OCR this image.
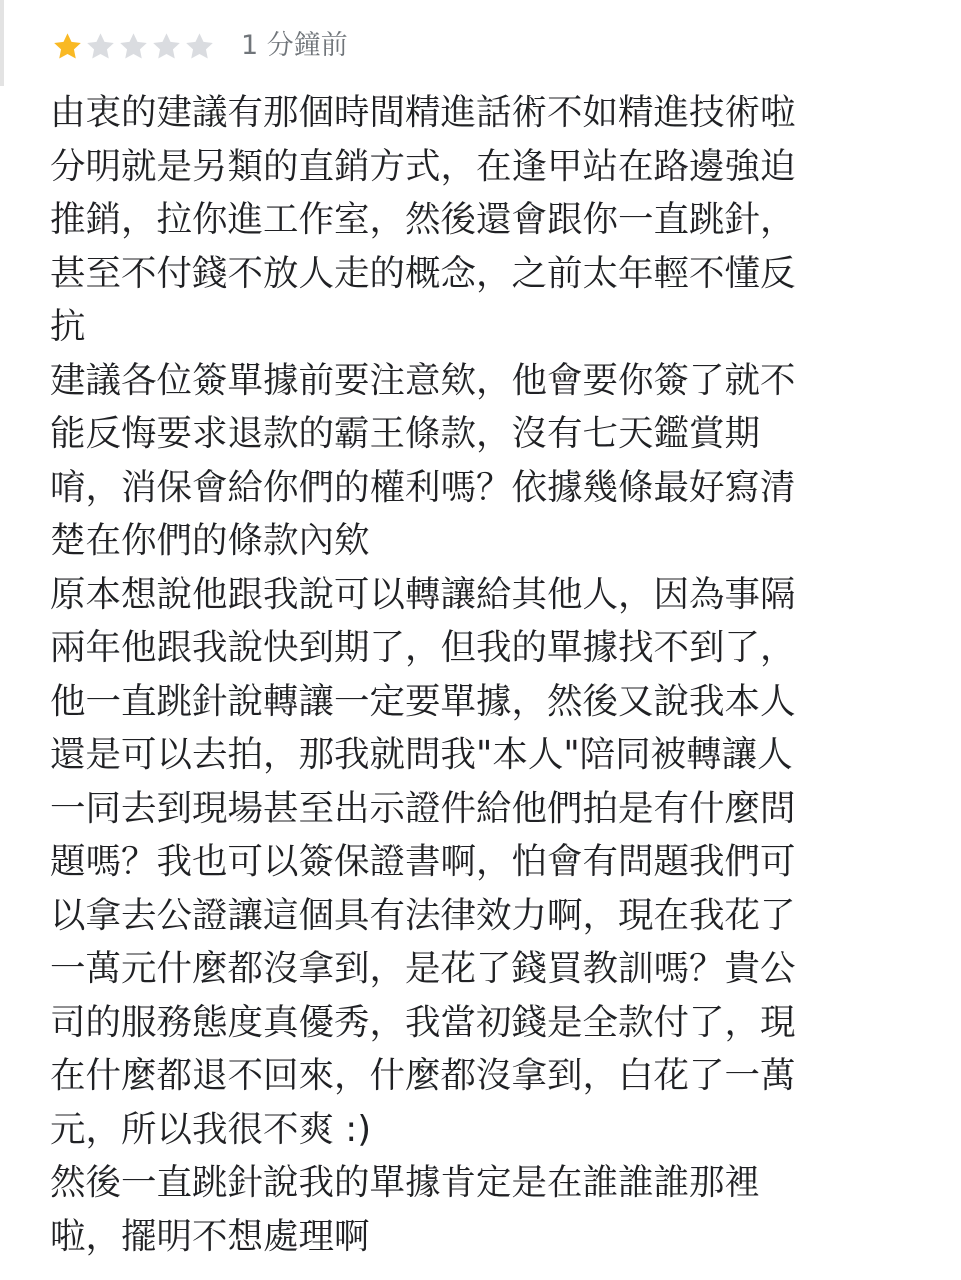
1 分鐘前
由衷的建議有那個時間精進話術不如精進技術啦
分明就是另類的直銷方式，在逢甲站在路邊強迫
推銷，拉你進工作室，然後還會跟你一直跳針，
甚至不付錢不放人走的概念，之前太年輕不懂反
抗
建議各位簽單據前要注意欸，他會要你簽了就不
能反悔要求退款的霸王條款，沒有七天鑑賞期
唷，消保會給你們的權利嗎？依據幾條最好寫清
楚在你們的條款內欸
原本想說他跟我說可以轉讓給其他人，因為事隔
兩年他跟我說快到期了，但我的單據找不到了，
他一直跳針說轉讓一定要單據，然後又說我本人
還是可以去拍，那我就問我"本人"陪同被轉讓人
一同去到現場甚至出示證件給他們拍是有什麼問
題嗎？我也可以簽保證書啊，怕會有問題我們可
以拿去公證讓這個具有法律效力啊，現在我花了
一萬元什麼都沒拿到，是花了錢買教訓嗎？貴公
司的服務態度真優秀，我當初錢是全款付了，現
在什麼都退不回來，什麼都沒拿到，白花了一萬
元，所以我很不爽 :)
然後一直跳針說我的單據肯定是在誰誰誰那裡
啦，擺明不想處理啊
